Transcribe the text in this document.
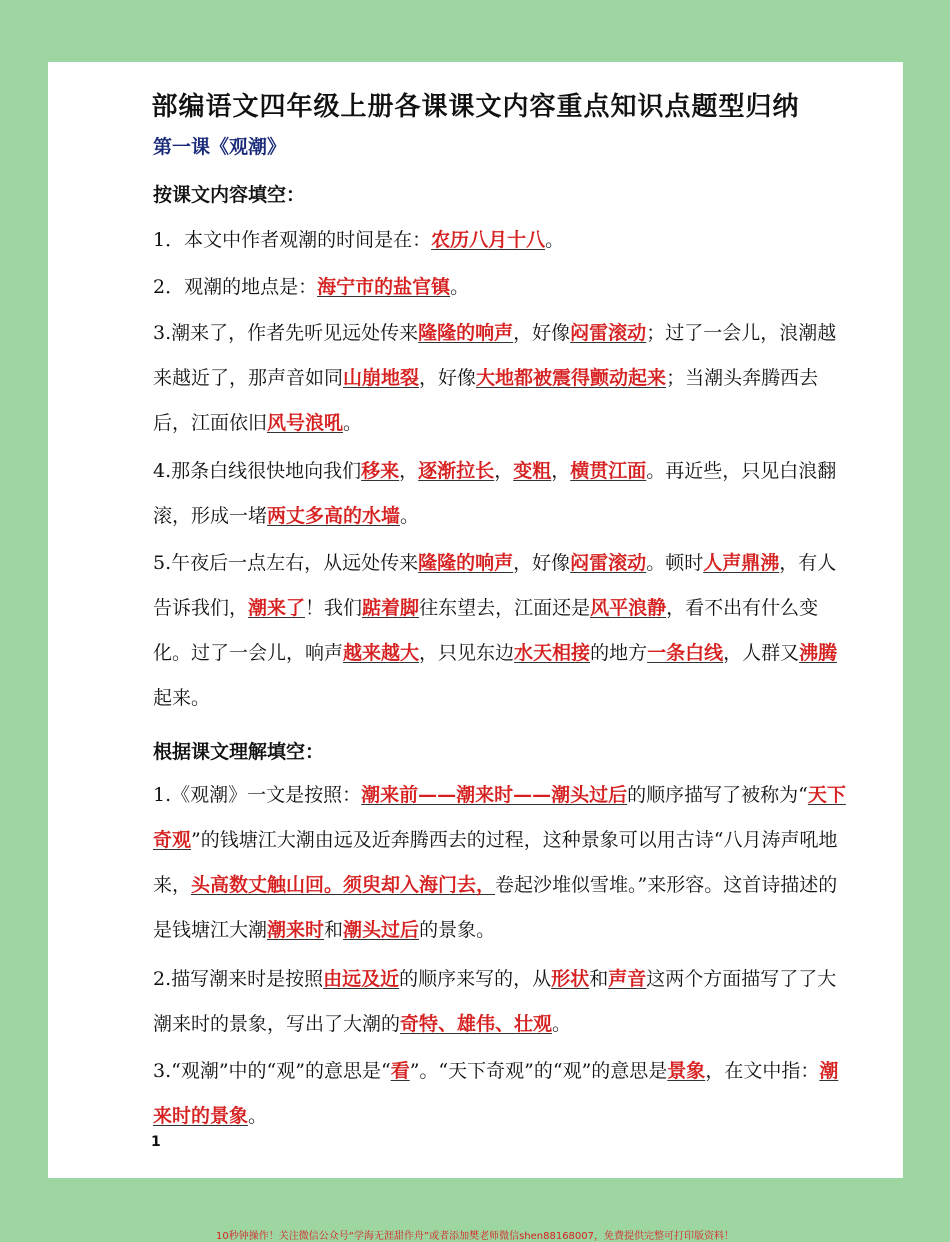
部编语文四年级上册各课课文内容重点知识点题型归纳
第一课《观潮》
按课文内容填空：
1．本文中作者观潮的时间是在：农历八月十八。
2．观潮的地点是：海宁市的盐官镇。
3.潮来了，作者先听见远处传来隆隆的响声，好像闷雷滚动；过了一会儿，浪潮越来越近了，那声音如同山崩地裂，好像大地都被震得颤动起来；当潮头奔腾西去后，江面依旧风号浪吼。
4.那条白线很快地向我们移来，逐渐拉长，变粗，横贯江面。再近些，只见白浪翻滚，形成一堵两丈多高的水墙。
5.午夜后一点左右，从远处传来隆隆的响声，好像闷雷滚动。顿时人声鼎沸，有人告诉我们，潮来了！我们踮着脚往东望去，江面还是风平浪静，看不出有什么变化。过了一会儿，响声越来越大，只见东边水天相接的地方一条白线，人群又沸腾起来。
根据课文理解填空：
1.《观潮》一文是按照：潮来前——潮来时——潮头过后的顺序描写了被称为“天下奇观”的钱塘江大潮由远及近奔腾西去的过程，这种景象可以用古诗“八月涛声吼地来，头高数丈触山回。须臾却入海门去，卷起沙堆似雪堆。”来形容。这首诗描述的是钱塘江大潮潮来时和潮头过后的景象。
2.描写潮来时是按照由远及近的顺序来写的，从形状和声音这两个方面描写了了大潮来时的景象，写出了大潮的奇特、雄伟、壮观。
3.“观潮”中的“观”的意思是“看”。“天下奇观”的“观”的意思是景象，在文中指：潮来时的景象。
1
10秒钟操作！关注微信公众号“学海无涯甜作舟”或者添加樊老师微信shen88168007，免费提供完整可打印版资料！
